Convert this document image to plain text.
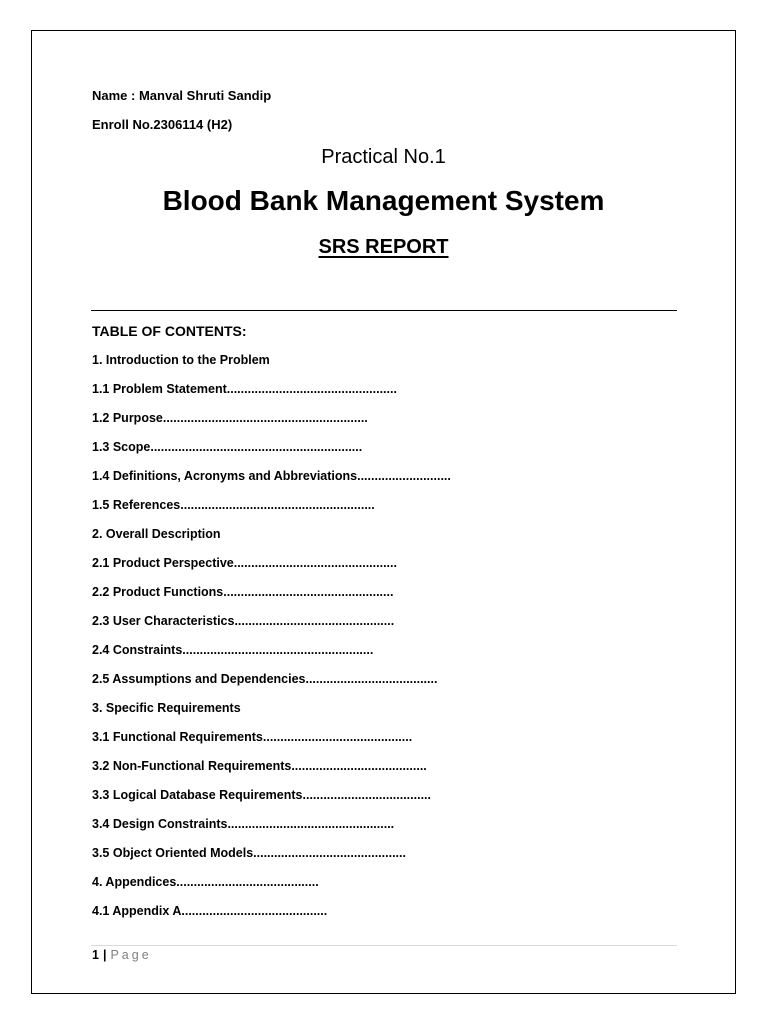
Name : Manval Shruti Sandip
Enroll No.2306114 (H2)
Practical No.1
Blood Bank Management System
SRS REPORT
TABLE OF CONTENTS:
1. Introduction to the Problem
1.1 Problem Statement.................................................
1.2 Purpose...........................................................
1.3 Scope.............................................................
1.4 Definitions, Acronyms and Abbreviations...........................
1.5 References........................................................
2. Overall Description
2.1 Product Perspective...............................................
2.2 Product Functions.................................................
2.3 User Characteristics..............................................
2.4 Constraints.......................................................
2.5 Assumptions and Dependencies......................................
3. Specific Requirements
3.1 Functional Requirements...........................................
3.2 Non-Functional Requirements.......................................
3.3 Logical Database Requirements.....................................
3.4 Design Constraints................................................
3.5 Object Oriented Models............................................
4. Appendices.........................................
4.1 Appendix A..........................................
1 | Page
